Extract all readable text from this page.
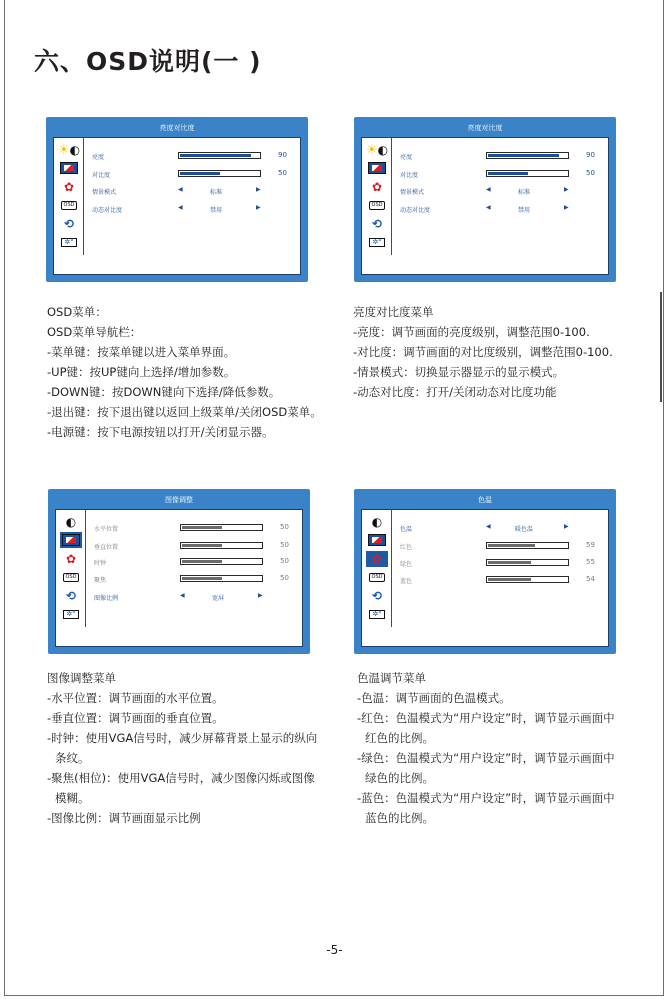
六、OSD说明(一 )
亮度对比度
☀ ◐
✿
OSD
⟲
✲°
亮度	90
对比度	50
情景模式	◀	标准	▶
动态对比度	◀	禁用	▶
亮度对比度
☀ ◐
✿
OSD
⟲
✲°
亮度	90
对比度	50
情景模式	◀	标准	▶
动态对比度	◀	禁用	▶
图像调整
◐
✿
OSD
⟲
✲°
水平位置	50
垂直位置	50
时钟	50
聚焦	50
图像比例	◀	宽屏	▶
色温
◐
✿
OSD
⟲
✲°
色温	◀	暖色温	▶
红色	59
绿色	55
蓝色	54

OSD菜单：

OSD菜单导航栏：

-菜单键：按菜单键以进入菜单界面。

-UP键：按UP键向上选择/增加参数。

-DOWN键：按DOWN键向下选择/降低参数。

-退出键：按下退出键以返回上级菜单/关闭OSD菜单。

-电源键：按下电源按钮以打开/关闭显示器。

亮度对比度菜单

-亮度：调节画面的亮度级别，调整范围0-100.

-对比度：调节画面的对比度级别，调整范围0-100.

-情景模式：切换显示器显示的显示模式。

-动态对比度：打开/关闭动态对比度功能

图像调整菜单

-水平位置：调节画面的水平位置。

-垂直位置：调节画面的垂直位置。

-时钟：使用VGA信号时，减少屏幕背景上显示的纵向

条纹。

-聚焦(相位)：使用VGA信号时，减少图像闪烁或图像

模糊。

-图像比例：调节画面显示比例

色温调节菜单

-色温：调节画面的色温模式。

-红色：色温模式为“用户设定”时，调节显示画面中

红色的比例。

-绿色：色温模式为“用户设定”时，调节显示画面中

绿色的比例。

-蓝色：色温模式为“用户设定”时，调节显示画面中

蓝色的比例。

-5-
